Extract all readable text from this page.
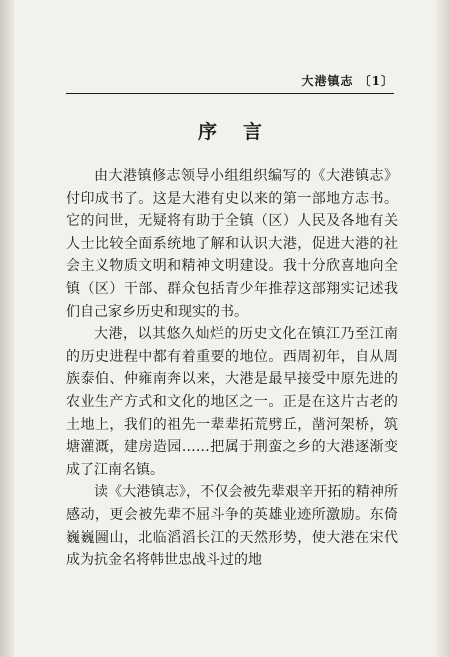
大港镇志 〔1〕
序言

由大港镇修志领导小组组织编写的《大港镇志》付印成书了。这是大港有史以来的第一部地方志书。它的问世，无疑将有助于全镇（区）人民及各地有关人士比较全面系统地了解和认识大港，促进大港的社会主义物质文明和精神文明建设。我十分欣喜地向全镇（区）干部、群众包括青少年推荐这部翔实记述我们自己家乡历史和现实的书。

大港，以其悠久灿烂的历史文化在镇江乃至江南的历史进程中都有着重要的地位。西周初年，自从周族泰伯、仲雍南奔以来，大港是最早接受中原先进的农业生产方式和文化的地区之一。正是在这片古老的土地上，我们的祖先一辈辈拓荒劈丘，凿河架桥，筑塘灌溉，建房造园……把属于荆蛮之乡的大港逐渐变成了江南名镇。

读《大港镇志》，不仅会被先辈艰辛开拓的精神所感动，更会被先辈不屈斗争的英雄业迹所激励。东倚巍巍圌山，北临滔滔长江的天然形势，使大港在宋代成为抗金名将韩世忠战斗过的地
